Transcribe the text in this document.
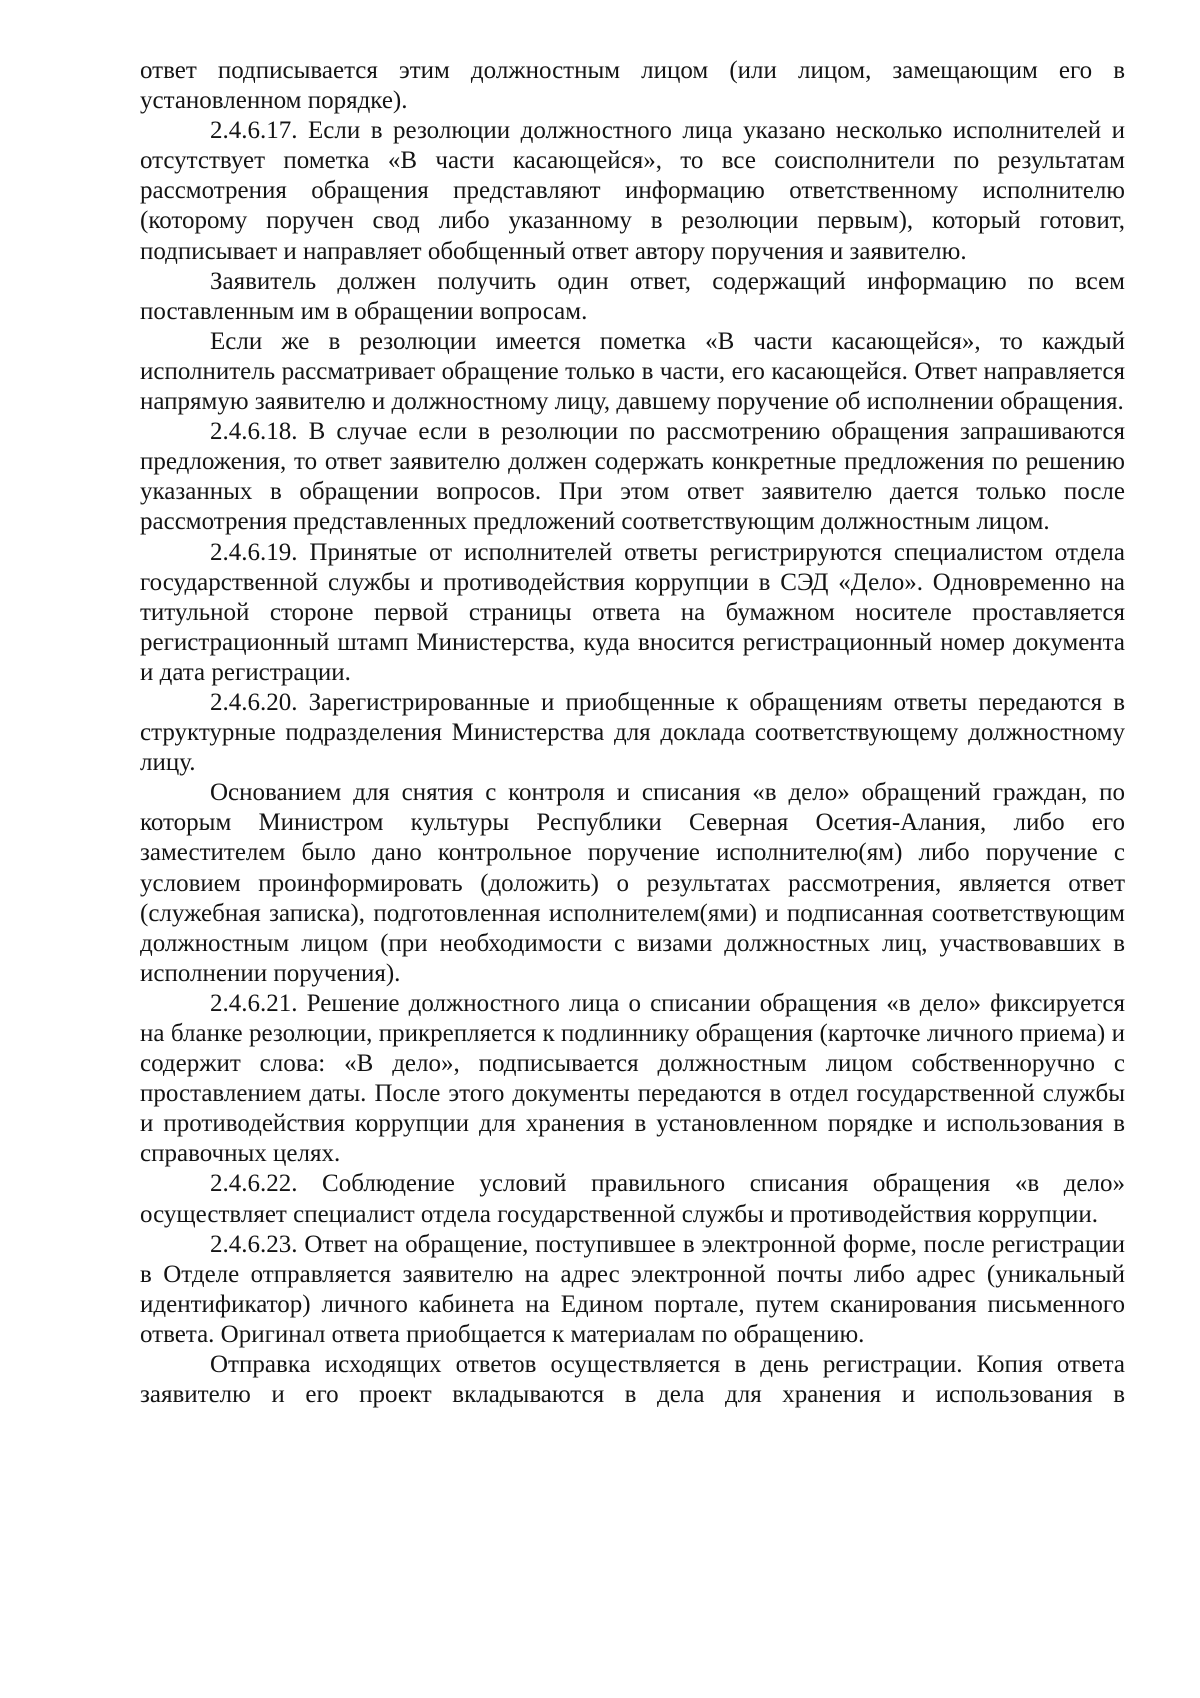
ответ подписывается этим должностным лицом (или лицом, замещающим его в установленном порядке).

2.4.6.17. Если в резолюции должностного лица указано несколько исполнителей и отсутствует пометка «В части касающейся», то все соисполнители по результатам рассмотрения обращения представляют информацию ответственному исполнителю (которому поручен свод либо указанному в резолюции первым), который готовит, подписывает и направляет обобщенный ответ автору поручения и заявителю.

Заявитель должен получить один ответ, содержащий информацию по всем поставленным им в обращении вопросам.

Если же в резолюции имеется пометка «В части касающейся», то каждый исполнитель рассматривает обращение только в части, его касающейся. Ответ направляется напрямую заявителю и должностному лицу, давшему поручение об исполнении обращения.

2.4.6.18. В случае если в резолюции по рассмотрению обращения запрашиваются предложения, то ответ заявителю должен содержать конкретные предложения по решению указанных в обращении вопросов. При этом ответ заявителю дается только после рассмотрения представленных предложений соответствующим должностным лицом.

2.4.6.19. Принятые от исполнителей ответы регистрируются специалистом отдела государственной службы и противодействия коррупции в СЭД «Дело». Одновременно на титульной стороне первой страницы ответа на бумажном носителе проставляется регистрационный штамп Министерства, куда вносится регистрационный номер документа и дата регистрации.

2.4.6.20. Зарегистрированные и приобщенные к обращениям ответы передаются в структурные подразделения Министерства для доклада соответствующему должностному лицу.

Основанием для снятия с контроля и списания «в дело» обращений граждан, по которым Министром культуры Республики Северная Осетия-Алания, либо его заместителем было дано контрольное поручение исполнителю(ям) либо поручение с условием проинформировать (доложить) о результатах рассмотрения, является ответ (служебная записка), подготовленная исполнителем(ями) и подписанная соответствующим должностным лицом (при необходимости с визами должностных лиц, участвовавших в исполнении поручения).

2.4.6.21. Решение должностного лица о списании обращения «в дело» фиксируется на бланке резолюции, прикрепляется к подлиннику обращения (карточке личного приема) и содержит слова: «В дело», подписывается должностным лицом собственноручно с проставлением даты. После этого документы передаются в отдел государственной службы и противодействия коррупции для хранения в установленном порядке и использования в справочных целях.

2.4.6.22. Соблюдение условий правильного списания обращения «в дело» осуществляет специалист отдела государственной службы и противодействия коррупции.

2.4.6.23. Ответ на обращение, поступившее в электронной форме, после регистрации в Отделе отправляется заявителю на адрес электронной почты либо адрес (уникальный идентификатор) личного кабинета на Едином портале, путем сканирования письменного ответа. Оригинал ответа приобщается к материалам по обращению.

Отправка исходящих ответов осуществляется в день регистрации. Копия ответа заявителю и его проект вкладываются в дела для хранения и использования в
